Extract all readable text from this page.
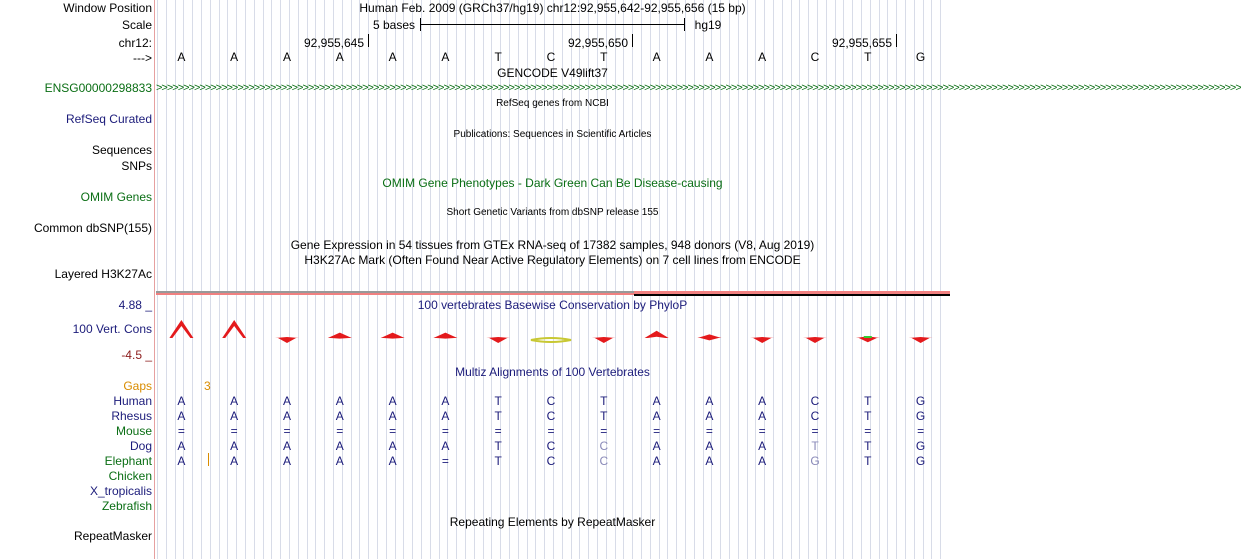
Window Position	Human Feb. 2009 (GRCh37/hg19) chr12:92,955,642-92,955,656 (15 bp)
Scale	5 bases	hg19
chr12:	92,955,645	92,955,650	92,955,655
---> A	A	A	A	A	A	T	C	T	A	A	A	C	T	G
GENCODE V49lift37
ENSG00000298833 >>>>>>>>>>>>>>>>>>>>>>>>>>>>>>>>>>>>>>>>>>>>>>>>>>>>>>>>>>>>>>>>>>>>>>>>>>>>>>>>>>>>>>>>>>>>>>>>>>>>>>>>>>>>>>>>>>>>>>>>>>>>>>>>>>>>>>>>>>>>>>>>>>>>>>>>>>>>>>>>>>>>>>>>>>>>>>>>>>>>>>>>>>>>>>>>>>>>>>>>
RefSeq genes from NCBI
RefSeq Curated
Publications: Sequences in Scientific Articles
Sequences
SNPs
OMIM Gene Phenotypes - Dark Green Can Be Disease-causing
OMIM Genes
Short Genetic Variants from dbSNP release 155
Common dbSNP(155)
Gene Expression in 54 tissues from GTEx RNA-seq of 17382 samples, 948 donors (V8, Aug 2019)
H3K27Ac Mark (Often Found Near Active Regulatory Elements) on 7 cell lines from ENCODE
Layered H3K27Ac
100 vertebrates Basewise Conservation by PhyloP
4.88 _
100 Vert. Cons
-4.5 _
Multiz Alignments of 100 Vertebrates
Gaps	3
Human A	A	A	A	A	A	T	C	T	A	A	A	C	T	G
Rhesus A	A	A	A	A	A	T	C	T	A	A	A	C	T	G
Mouse =	=	=	=	=	=	=	=	=	=	=	=	=	=	=
Dog A	A	A	A	A	A	T	C	C	A	A	A	T	T	G
Elephant A	A	A	A	A	=	T	C	C	A	A	A	G	T	G
Chicken
X_tropicalis
Zebrafish
Repeating Elements by RepeatMasker
RepeatMasker
